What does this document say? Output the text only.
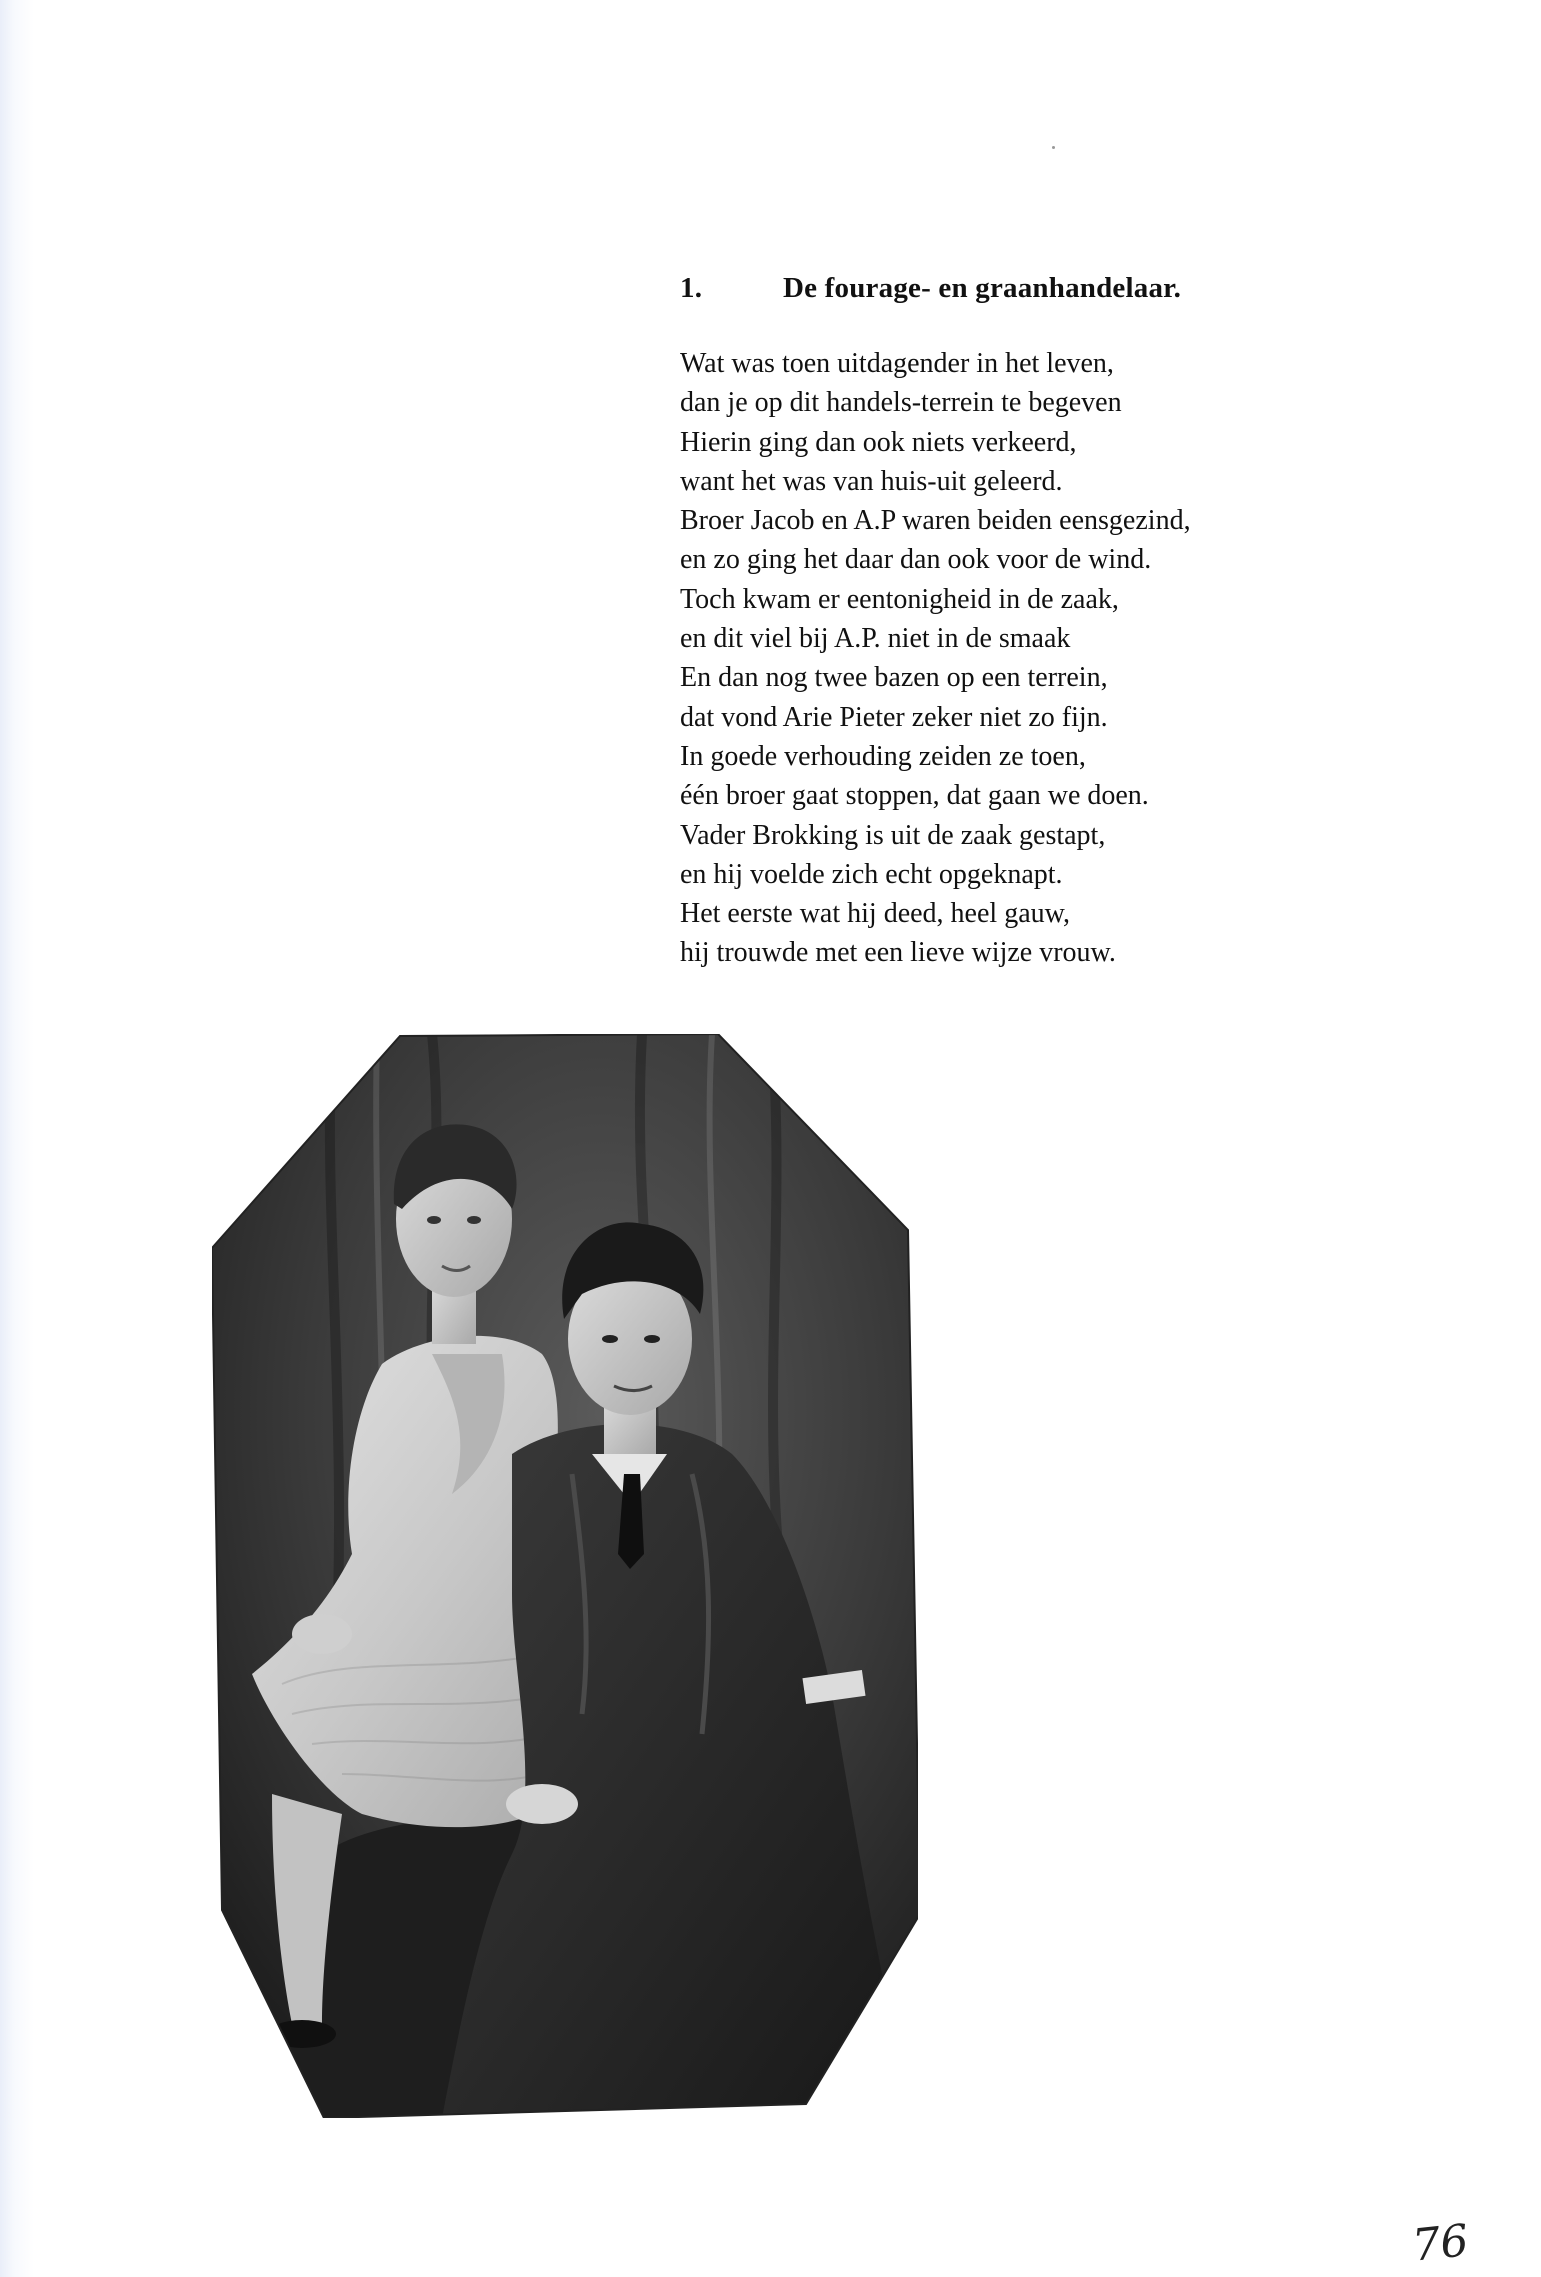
1.	De fourage- en graanhandelaar.
Wat was toen uitdagender in het leven,
dan je op dit handels-terrein te begeven
Hierin ging dan ook niets verkeerd,
want het was van huis-uit geleerd.
Broer Jacob en A.P waren beiden eensgezind,
en zo ging het daar dan ook voor de wind.
Toch kwam er eentonigheid in de zaak,
en dit viel bij A.P. niet in de smaak
En dan nog twee bazen op een terrein,
dat vond Arie Pieter zeker niet zo fijn.
In goede verhouding zeiden ze toen,
één broer gaat stoppen, dat gaan we doen.
Vader Brokking is uit de zaak gestapt,
en hij voelde zich echt opgeknapt.
Het eerste wat hij deed, heel gauw,
hij trouwde met een lieve wijze vrouw.
76
